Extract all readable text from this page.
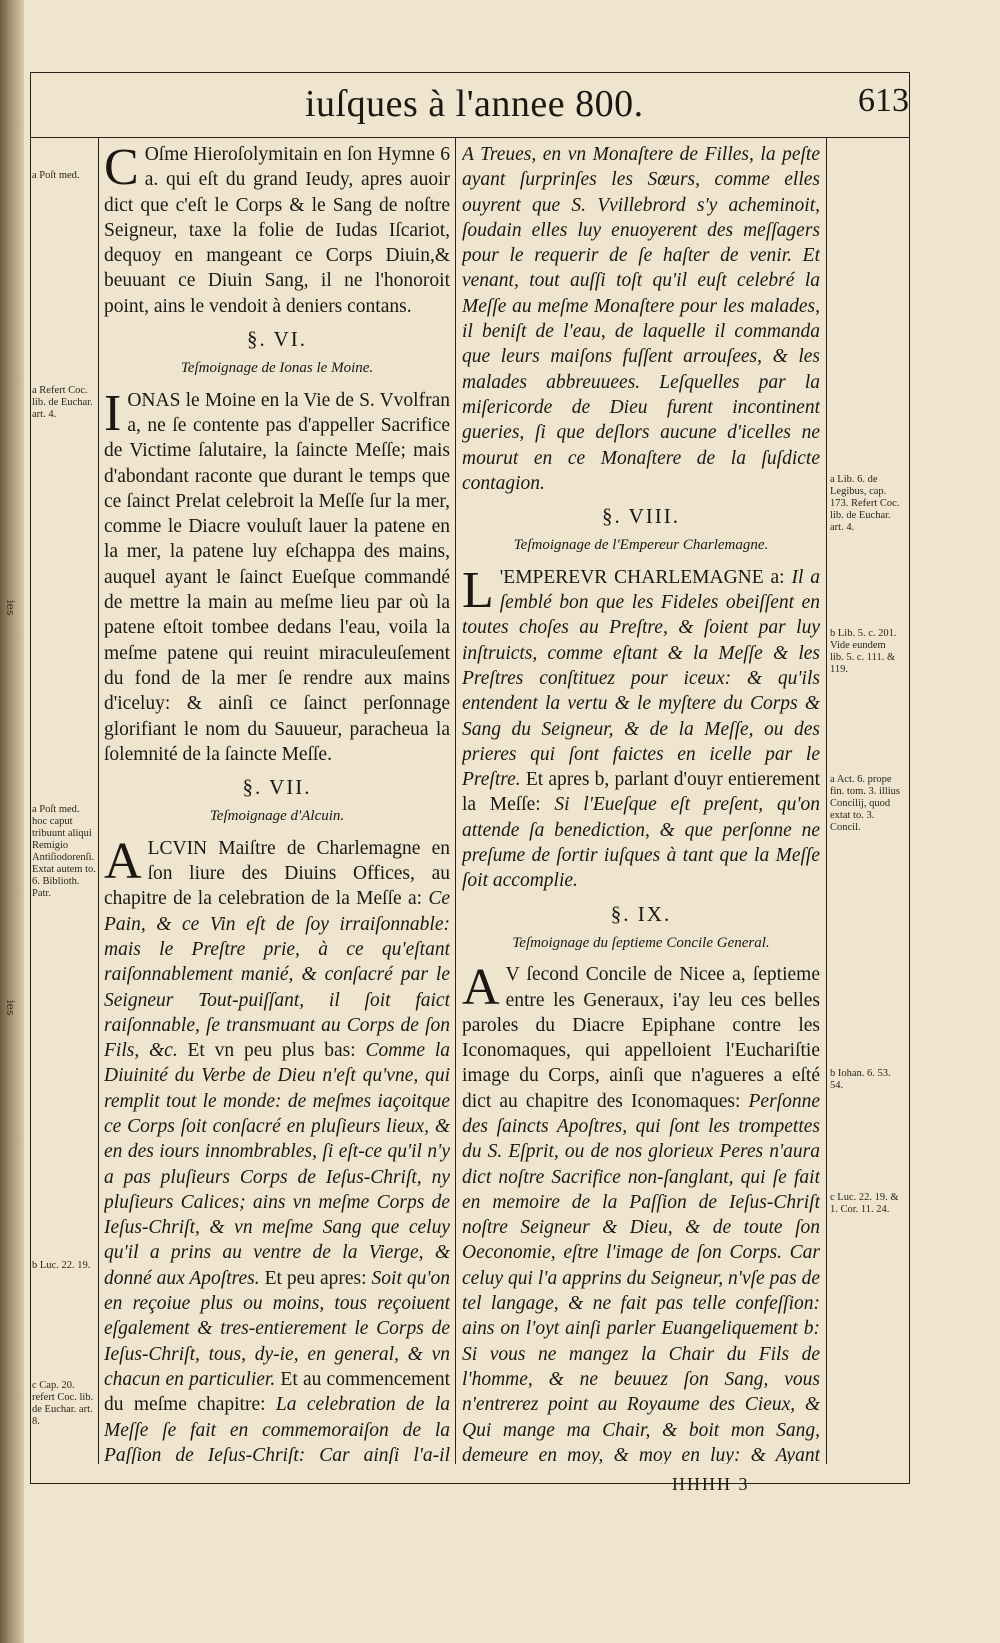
ies
ies
iuſques à l'annee 800.	613
a Poſt med.
a Refert Coc. lib. de Euchar. art. 4.
a Poſt med. hoc caput tribuunt aliqui Remigio Antiſiodorenſi. Extat autem to. 6. Biblioth. Patr.
b Luc. 22. 19.
c Cap. 20. refert Coc. lib. de Euchar. art. 8.
a Lib. 6. de Legibus, cap. 173. Refert Coc. lib. de Euchar. art. 4.
b Lib. 5. c. 201. Vide eundem lib. 5. c. 111. & 119.
a Act. 6. prope fin. tom. 3. illius Concilij, quod extat to. 3. Concil.
b Iohan. 6. 53. 54.
c Luc. 22. 19. & 1. Cor. 11. 24.

C Oſme Hieroſolymitain en ſon Hymne 6 a. qui eſt du grand Ieudy, apres auoir dict que c'eſt le Corps & le Sang de noſtre Seigneur, taxe la folie de Iudas Iſcariot, dequoy en mangeant ce Corps Diuin,& beuuant ce Diuin Sang, il ne l'honoroit point, ains le vendoit à deniers contans.

§. VI.
Teſmoignage de Ionas le Moine.

IONAS le Moine en la Vie de S. Vvolfran a, ne ſe contente pas d'appeller Sacrifice de Victime ſalutaire, la ſaincte Meſſe; mais d'abondant raconte que durant le temps que ce ſainct Prelat celebroit la Meſſe ſur la mer, comme le Diacre vouluſt lauer la patene en la mer, la patene luy eſchappa des mains, auquel ayant le ſainct Eueſque commandé de mettre la main au meſme lieu par où la patene eſtoit tombee dedans l'eau, voila la meſme patene qui reuint miraculeuſement du fond de la mer ſe rendre aux mains d'iceluy: & ainſi ce ſainct perſonnage glorifiant le nom du Sauueur, paracheua la ſolemnité de la ſaincte Meſſe.

§. VII.
Teſmoignage d'Alcuin.

ALCVIN Maiſtre de Charlemagne en ſon liure des Diuins Offices, au chapitre de la celebration de la Meſſe a: Ce Pain, & ce Vin eſt de ſoy irraiſonnable: mais le Preſtre prie, à ce qu'eſtant raiſonnablement manié, & conſacré par le Seigneur Tout-puiſſant, il ſoit faict raiſonnable, ſe transmuant au Corps de ſon Fils, &c. Et vn peu plus bas: Comme la Diuinité du Verbe de Dieu n'eſt qu'vne, qui remplit tout le monde: de meſmes iaçoitque ce Corps ſoit conſacré en pluſieurs lieux, & en des iours innombrables, ſi eſt-ce qu'il n'y a pas pluſieurs Corps de Ieſus-Chriſt, ny pluſieurs Calices; ains vn meſme Corps de Ieſus-Chriſt, & vn meſme Sang que celuy qu'il a prins au ventre de la Vierge, & donné aux Apoſtres. Et peu apres: Soit qu'on en reçoiue plus ou moins, tous reçoiuent eſgalement & tres-entierement le Corps de Ieſus-Chriſt, tous, dy-ie, en general, & vn chacun en particulier. Et au commencement du meſme chapitre: La celebration de la Meſſe ſe fait en commemoraiſon de la Paſſion de Ieſus-Chriſt: Car ainſi l'a-il

A Treues, en vn Monaſtere de Filles, la peſte ayant ſurprinſes les Sœurs, comme elles ouyrent que S. Vvillebrord s'y acheminoit, ſoudain elles luy enuoyerent des meſſagers pour le requerir de ſe haſter de venir. Et venant, tout auſſi toſt qu'il euſt celebré la Meſſe au meſme Monaſtere pour les malades, il beniſt de l'eau, de laquelle il commanda que leurs maiſons fuſſent arrouſees, & les malades abbreuuees. Leſquelles par la miſericorde de Dieu furent incontinent gueries, ſi que deſlors aucune d'icelles ne mourut en ce Monaſtere de la ſuſdicte contagion.

§. VIII.
Teſmoignage de l'Empereur Charlemagne.

L 'EMPEREVR CHARLEMAGNE a: Il a ſemblé bon que les Fideles obeiſſent en toutes choſes au Preſtre, & ſoient par luy inſtruicts, comme eſtant & la Meſſe & les Preſtres conſtituez pour iceux: & qu'ils entendent la vertu & le myſtere du Corps & Sang du Seigneur, & de la Meſſe, ou des prieres qui ſont faictes en icelle par le Preſtre. Et apres b, parlant d'ouyr entierement la Meſſe: Si l'Eueſque eſt preſent, qu'on attende ſa benediction, & que perſonne ne preſume de ſortir iuſques à tant que la Meſſe ſoit accomplie.

§. IX.
Teſmoignage du ſeptieme Concile General.

A V ſecond Concile de Nicee a, ſeptieme entre les Generaux, i'ay leu ces belles paroles du Diacre Epiphane contre les Iconomaques, qui appelloient l'Euchariſtie image du Corps, ainſi que n'agueres a eſté dict au chapitre des Iconomaques: Perſonne des ſaincts Apoſtres, qui ſont les trompettes du S. Eſprit, ou de nos glorieux Peres n'aura dict noſtre Sacrifice non-ſanglant, qui ſe fait en memoire de la Paſſion de Ieſus-Chriſt noſtre Seigneur & Dieu, & de toute ſon Oeconomie, eſtre l'image de ſon Corps. Car celuy qui l'a apprins du Seigneur, n'vſe pas de tel langage, & ne fait pas telle confeſſion: ains on l'oyt ainſi parler Euangeliquement b: Si vous ne mangez la Chair du Fils de l'homme, & ne beuuez ſon Sang, vous n'entrerez point au Royaume des Cieux, & Qui mange ma Chair, & boit mon Sang, demeure en moy, & moy en luy: & Ayant

HHHH 3
